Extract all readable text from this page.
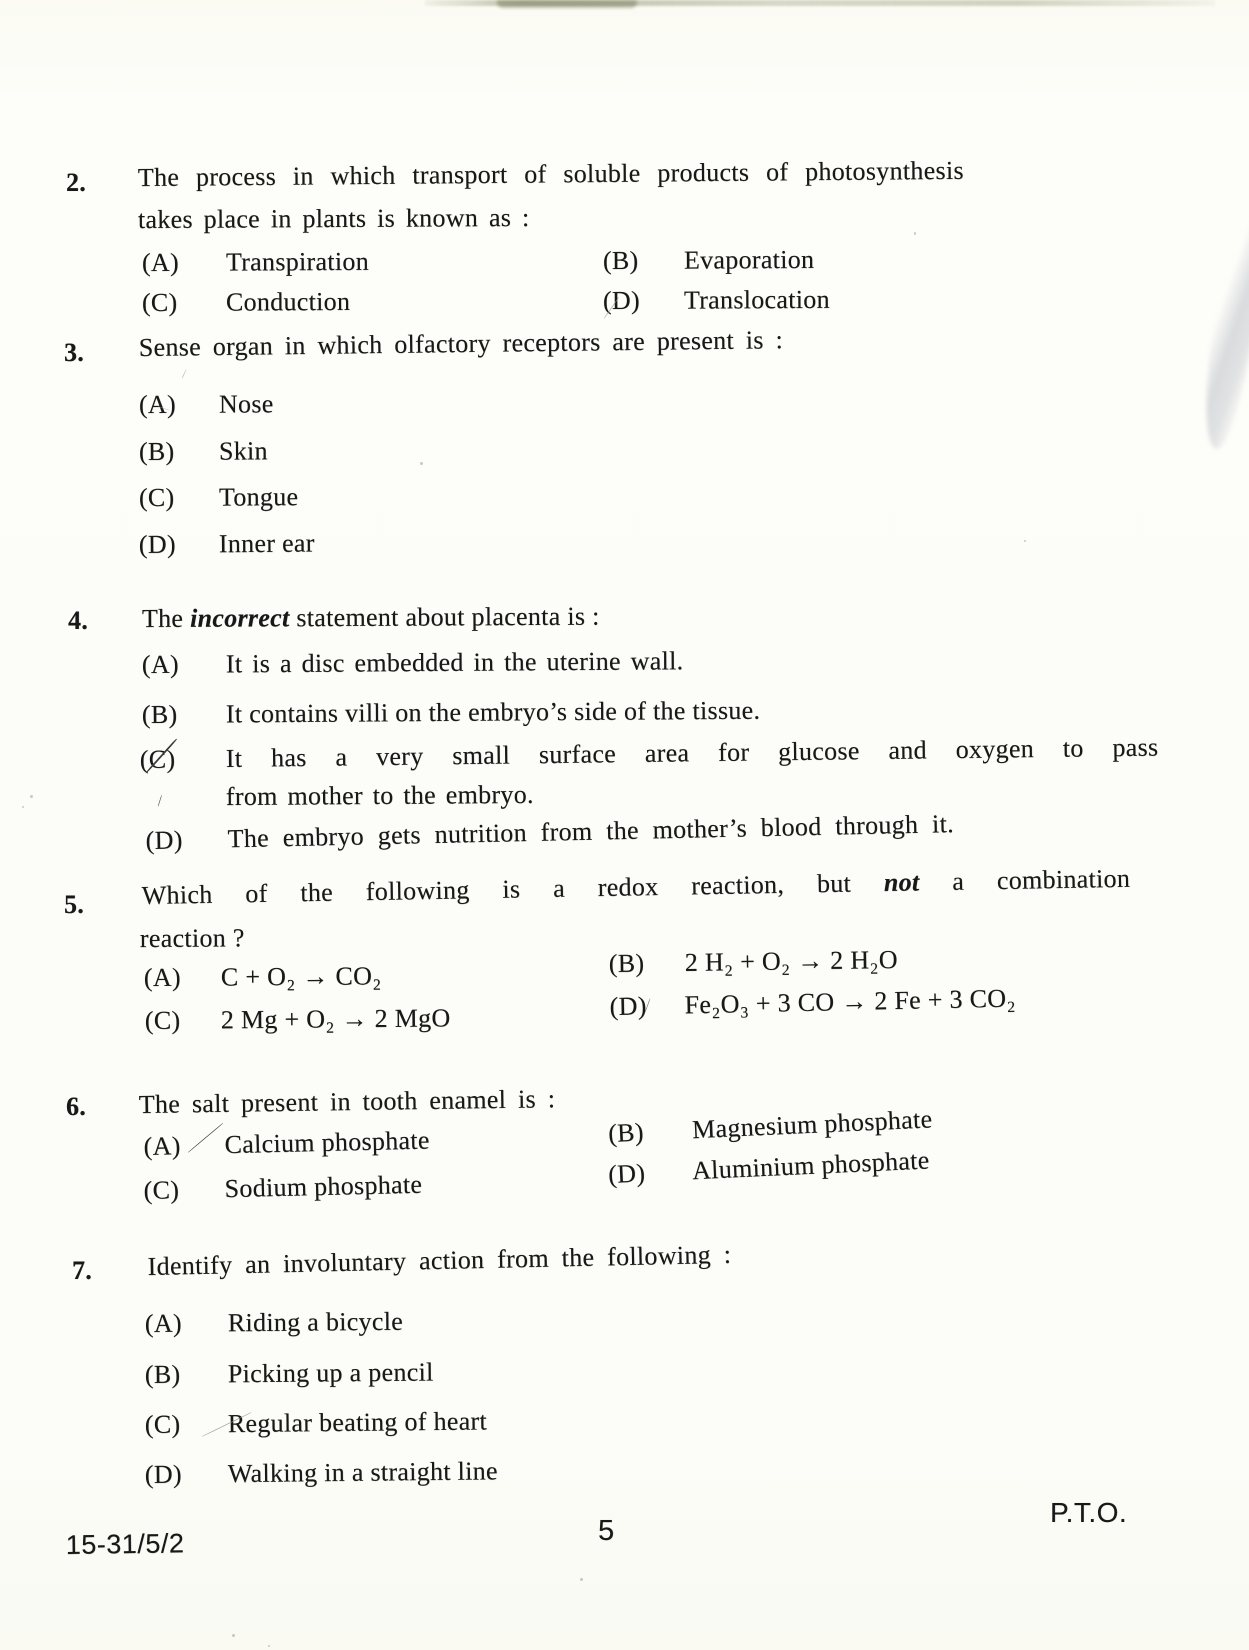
2. The process in which transport of soluble products of photosynthesis
takes place in plants is known as :
(A)	Transpiration	(B)	Evaporation
(C)	Conduction	(D)	Translocation
3. Sense organ in which olfactory receptors are present is :
(A)	Nose
(B)	Skin
(C)	Tongue
(D)	Inner ear
4. The incorrect statement about placenta is :
(A)	It is a disc embedded in the uterine wall.
(B)	It contains villi on the embryo’s side of the tissue.
(C)	It has a very small surface area for glucose and oxygen to pass
from mother to the embryo.
(D)	The embryo gets nutrition from the mother’s blood through it.
5. Which of the following is a redox reaction, but not a combination
reaction ?
(A)	C + O₂ → CO₂	(B)	2 H₂ + O₂ → 2 H₂O
(C)	2 Mg + O₂ → 2 MgO	(D)	Fe₂O₃ + 3 CO → 2 Fe + 3 CO₂
6. The salt present in tooth enamel is :
(A)	Calcium phosphate	(B)	Magnesium phosphate
(C)	Sodium phosphate	(D)	Aluminium phosphate
7. Identify an involuntary action from the following :
(A)	Riding a bicycle
(B)	Picking up a pencil
(C)	Regular beating of heart
(D)	Walking in a straight line
P.T.O.
5
15-31/5/2
